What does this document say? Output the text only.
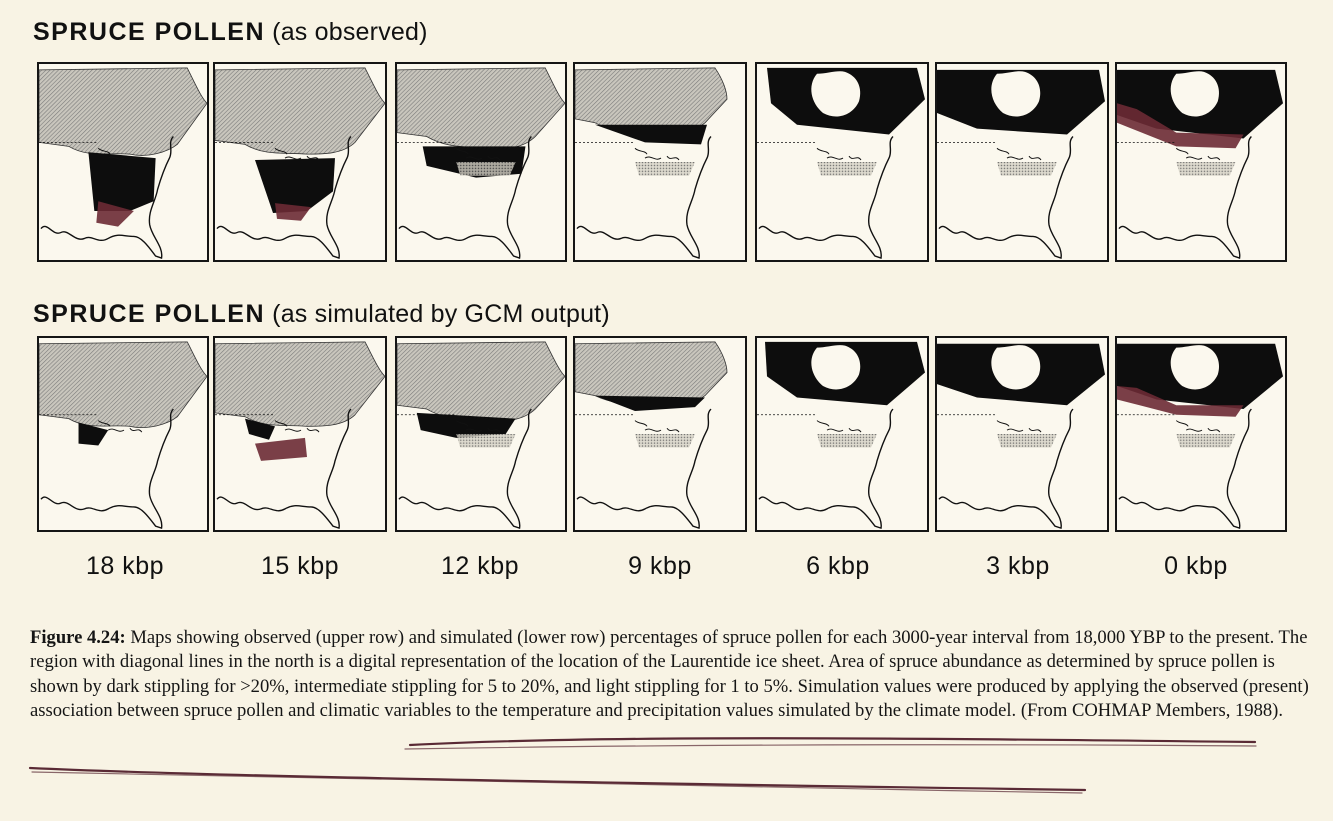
SPRUCE POLLEN (as observed)
SPRUCE POLLEN (as simulated by GCM output)
18 kbp	15 kbp	12 kbp	9 kbp	6 kbp	3 kbp	0 kbp
Figure 4.24: Maps showing observed (upper row) and simulated (lower row) percentages of spruce pollen for each 3000-year interval from 18,000 YBP to the present. The region with diagonal lines in the north is a digital representation of the location of the Laurentide ice sheet. Area of spruce abundance as determined by spruce pollen is shown by dark stippling for >20%, intermediate stippling for 5 to 20%, and light stippling for 1 to 5%. Simulation values were produced by applying the observed (present) association between spruce pollen and climatic variables to the temperature and precipitation values simulated by the climate model. (From COHMAP Members, 1988).
